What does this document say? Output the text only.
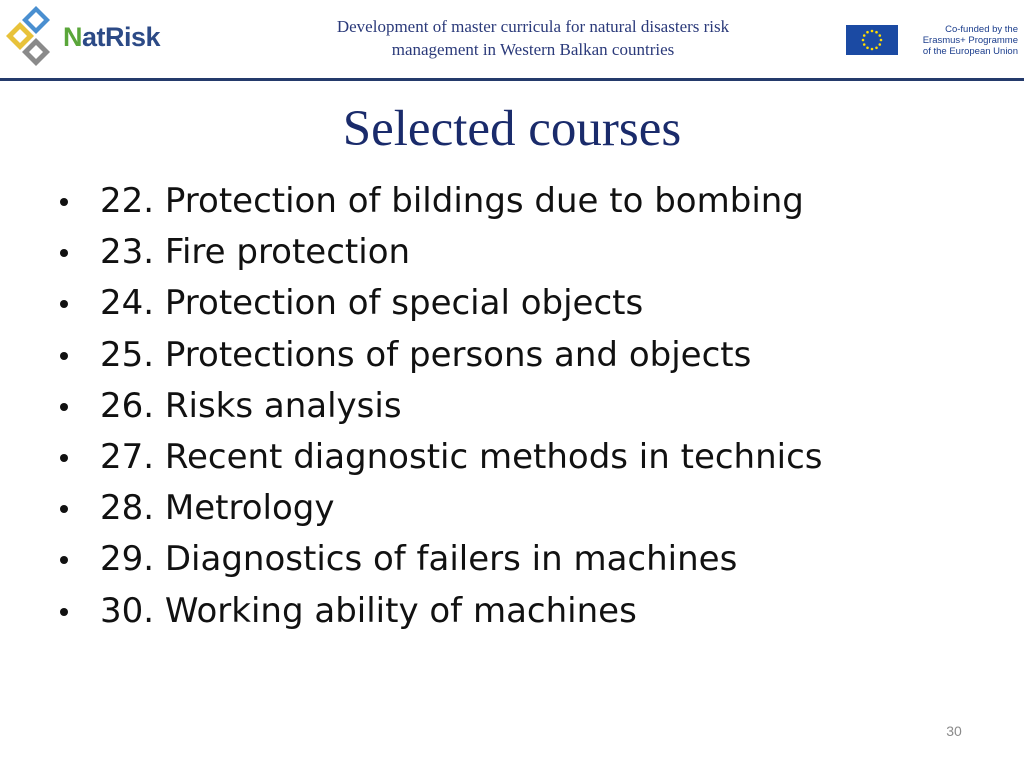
NatRisk	Development of master curricula for natural disasters risk
management in Western Balkan countries
Co-funded by the
Erasmus+ Programme
of the European Union
Selected courses
22. Protection of bildings due to bombing
23. Fire protection
24. Protection of special objects
25. Protections of persons and objects
26. Risks analysis
27. Recent diagnostic methods in technics
28. Metrology
29. Diagnostics of failers in machines
30. Working ability of machines
30
